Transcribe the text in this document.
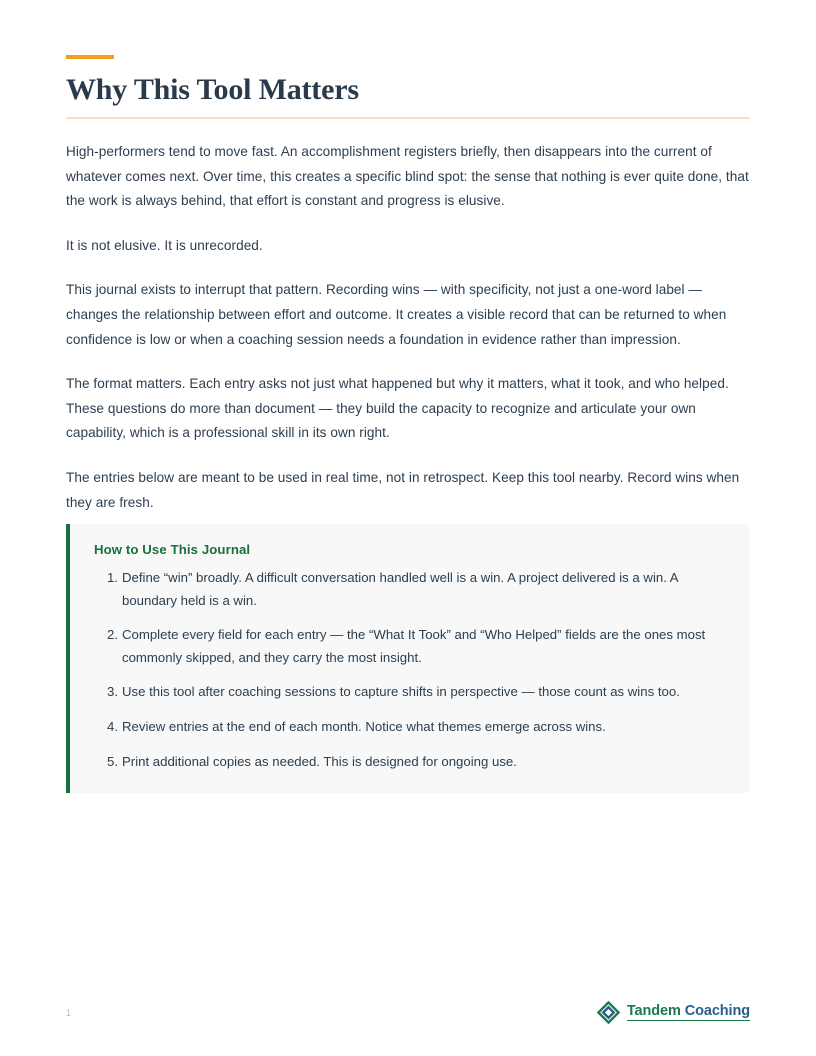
Why This Tool Matters

High-performers tend to move fast. An accomplishment registers briefly, then disappears into the current of whatever comes next. Over time, this creates a specific blind spot: the sense that nothing is ever quite done, that the work is always behind, that effort is constant and progress is elusive.

It is not elusive. It is unrecorded.

This journal exists to interrupt that pattern. Recording wins — with specificity, not just a one-word label — changes the relationship between effort and outcome. It creates a visible record that can be returned to when confidence is low or when a coaching session needs a foundation in evidence rather than impression.

The format matters. Each entry asks not just what happened but why it matters, what it took, and who helped. These questions do more than document — they build the capacity to recognize and articulate your own capability, which is a professional skill in its own right.

The entries below are meant to be used in real time, not in retrospect. Keep this tool nearby. Record wins when they are fresh.

How to Use This Journal
Define “win” broadly. A difficult conversation handled well is a win. A project delivered is a win. A boundary held is a win.
Complete every field for each entry — the “What It Took” and “Who Helped” fields are the ones most commonly skipped, and they carry the most insight.
Use this tool after coaching sessions to capture shifts in perspective — those count as wins too.
Review entries at the end of each month. Notice what themes emerge across wins.
Print additional copies as needed. This is designed for ongoing use.
1	Tandem Coaching
